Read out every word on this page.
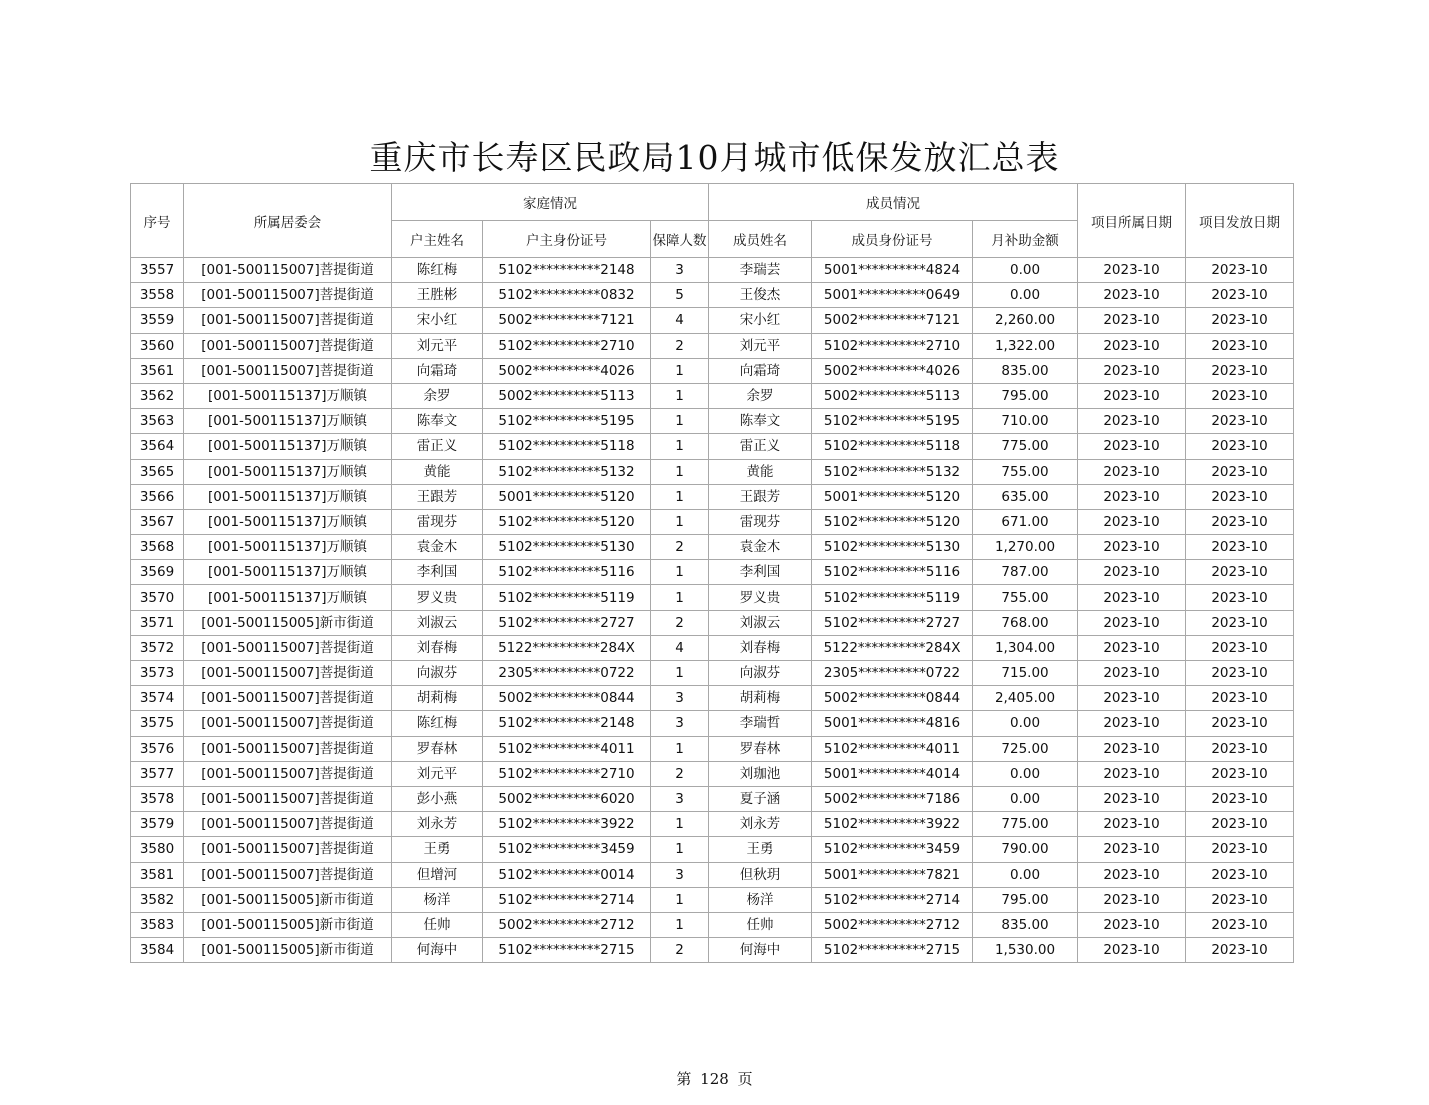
重庆市长寿区民政局10月城市低保发放汇总表
序号	所属居委会	家庭情况			成员情况			项目所属日期	项目发放日期
		户主姓名	户主身份证号	保障人数	成员姓名	成员身份证号	月补助金额		
3557	[001-500115007]菩提街道	陈红梅	5102**********2148	3	李瑞芸	5001**********4824	0.00	2023-10	2023-10
3558	[001-500115007]菩提街道	王胜彬	5102**********0832	5	王俊杰	5001**********0649	0.00	2023-10	2023-10
3559	[001-500115007]菩提街道	宋小红	5002**********7121	4	宋小红	5002**********7121	2,260.00	2023-10	2023-10
3560	[001-500115007]菩提街道	刘元平	5102**********2710	2	刘元平	5102**********2710	1,322.00	2023-10	2023-10
3561	[001-500115007]菩提街道	向霜琦	5002**********4026	1	向霜琦	5002**********4026	835.00	2023-10	2023-10
3562	[001-500115137]万顺镇	余罗	5002**********5113	1	余罗	5002**********5113	795.00	2023-10	2023-10
3563	[001-500115137]万顺镇	陈奉文	5102**********5195	1	陈奉文	5102**********5195	710.00	2023-10	2023-10
3564	[001-500115137]万顺镇	雷正义	5102**********5118	1	雷正义	5102**********5118	775.00	2023-10	2023-10
3565	[001-500115137]万顺镇	黄能	5102**********5132	1	黄能	5102**********5132	755.00	2023-10	2023-10
3566	[001-500115137]万顺镇	王跟芳	5001**********5120	1	王跟芳	5001**********5120	635.00	2023-10	2023-10
3567	[001-500115137]万顺镇	雷现芬	5102**********5120	1	雷现芬	5102**********5120	671.00	2023-10	2023-10
3568	[001-500115137]万顺镇	袁金木	5102**********5130	2	袁金木	5102**********5130	1,270.00	2023-10	2023-10
3569	[001-500115137]万顺镇	李利国	5102**********5116	1	李利国	5102**********5116	787.00	2023-10	2023-10
3570	[001-500115137]万顺镇	罗义贵	5102**********5119	1	罗义贵	5102**********5119	755.00	2023-10	2023-10
3571	[001-500115005]新市街道	刘淑云	5102**********2727	2	刘淑云	5102**********2727	768.00	2023-10	2023-10
3572	[001-500115007]菩提街道	刘春梅	5122**********284X	4	刘春梅	5122**********284X	1,304.00	2023-10	2023-10
3573	[001-500115007]菩提街道	向淑芬	2305**********0722	1	向淑芬	2305**********0722	715.00	2023-10	2023-10
3574	[001-500115007]菩提街道	胡莉梅	5002**********0844	3	胡莉梅	5002**********0844	2,405.00	2023-10	2023-10
3575	[001-500115007]菩提街道	陈红梅	5102**********2148	3	李瑞哲	5001**********4816	0.00	2023-10	2023-10
3576	[001-500115007]菩提街道	罗春林	5102**********4011	1	罗春林	5102**********4011	725.00	2023-10	2023-10
3577	[001-500115007]菩提街道	刘元平	5102**********2710	2	刘珈池	5001**********4014	0.00	2023-10	2023-10
3578	[001-500115007]菩提街道	彭小燕	5002**********6020	3	夏子涵	5002**********7186	0.00	2023-10	2023-10
3579	[001-500115007]菩提街道	刘永芳	5102**********3922	1	刘永芳	5102**********3922	775.00	2023-10	2023-10
3580	[001-500115007]菩提街道	王勇	5102**********3459	1	王勇	5102**********3459	790.00	2023-10	2023-10
3581	[001-500115007]菩提街道	但增河	5102**********0014	3	但秋玥	5001**********7821	0.00	2023-10	2023-10
3582	[001-500115005]新市街道	杨洋	5102**********2714	1	杨洋	5102**********2714	795.00	2023-10	2023-10
3583	[001-500115005]新市街道	任帅	5002**********2712	1	任帅	5002**********2712	835.00	2023-10	2023-10
3584	[001-500115005]新市街道	何海中	5102**********2715	2	何海中	5102**********2715	1,530.00	2023-10	2023-10
第 128 页
